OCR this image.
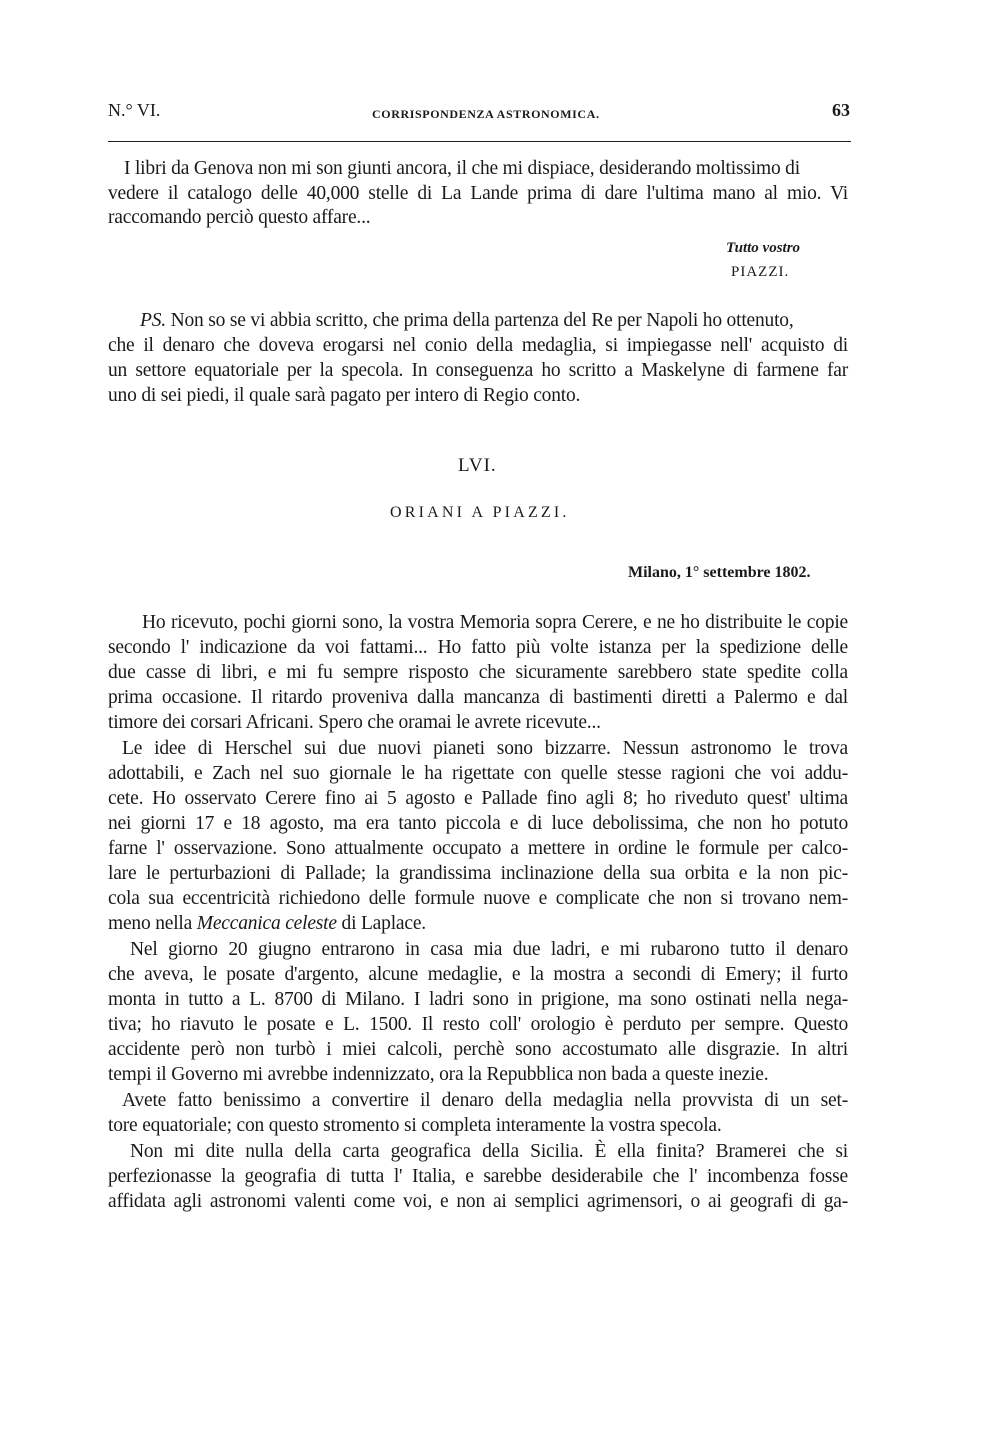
N.° VI.	CORRISPONDENZA ASTRONOMICA.	63
I libri da Genova non mi son giunti ancora, il che mi dispiace, desiderando moltissimo di
vedere il catalogo delle 40,000 stelle di La Lande prima di dare l'ultima mano al mio. Vi
raccomando perciò questo affare...
Tutto vostro
PIAZZI.
PS. Non so se vi abbia scritto, che prima della partenza del Re per Napoli ho ottenuto,
che il denaro che doveva erogarsi nel conio della medaglia, si impiegasse nell' acquisto di
un settore equatoriale per la specola. In conseguenza ho scritto a Maskelyne di farmene far
uno di sei piedi, il quale sarà pagato per intero di Regio conto.
LVI.
ORIANI A PIAZZI.
Milano, 1° settembre 1802.
Ho ricevuto, pochi giorni sono, la vostra Memoria sopra Cerere, e ne ho distribuite le copie
secondo l' indicazione da voi fattami... Ho fatto più volte istanza per la spedizione delle
due casse di libri, e mi fu sempre risposto che sicuramente sarebbero state spedite colla
prima occasione. Il ritardo proveniva dalla mancanza di bastimenti diretti a Palermo e dal
timore dei corsari Africani. Spero che oramai le avrete ricevute...
Le idee di Herschel sui due nuovi pianeti sono bizzarre. Nessun astronomo le trova
adottabili, e Zach nel suo giornale le ha rigettate con quelle stesse ragioni che voi addu-
cete. Ho osservato Cerere fino ai 5 agosto e Pallade fino agli 8; ho riveduto quest' ultima
nei giorni 17 e 18 agosto, ma era tanto piccola e di luce debolissima, che non ho potuto
farne l' osservazione. Sono attualmente occupato a mettere in ordine le formule per calco-
lare le perturbazioni di Pallade; la grandissima inclinazione della sua orbita e la non pic-
cola sua eccentricità richiedono delle formule nuove e complicate che non si trovano nem-
meno nella Meccanica celeste di Laplace.
Nel giorno 20 giugno entrarono in casa mia due ladri, e mi rubarono tutto il denaro
che aveva, le posate d'argento, alcune medaglie, e la mostra a secondi di Emery; il furto
monta in tutto a L. 8700 di Milano. I ladri sono in prigione, ma sono ostinati nella nega-
tiva; ho riavuto le posate e L. 1500. Il resto coll' orologio è perduto per sempre. Questo
accidente però non turbò i miei calcoli, perchè sono accostumato alle disgrazie. In altri
tempi il Governo mi avrebbe indennizzato, ora la Repubblica non bada a queste inezie.
Avete fatto benissimo a convertire il denaro della medaglia nella provvista di un set-
tore equatoriale; con questo stromento si completa interamente la vostra specola.
Non mi dite nulla della carta geografica della Sicilia. È ella finita? Bramerei che si
perfezionasse la geografia di tutta l' Italia, e sarebbe desiderabile che l' incombenza fosse
affidata agli astronomi valenti come voi, e non ai semplici agrimensori, o ai geografi di ga-
